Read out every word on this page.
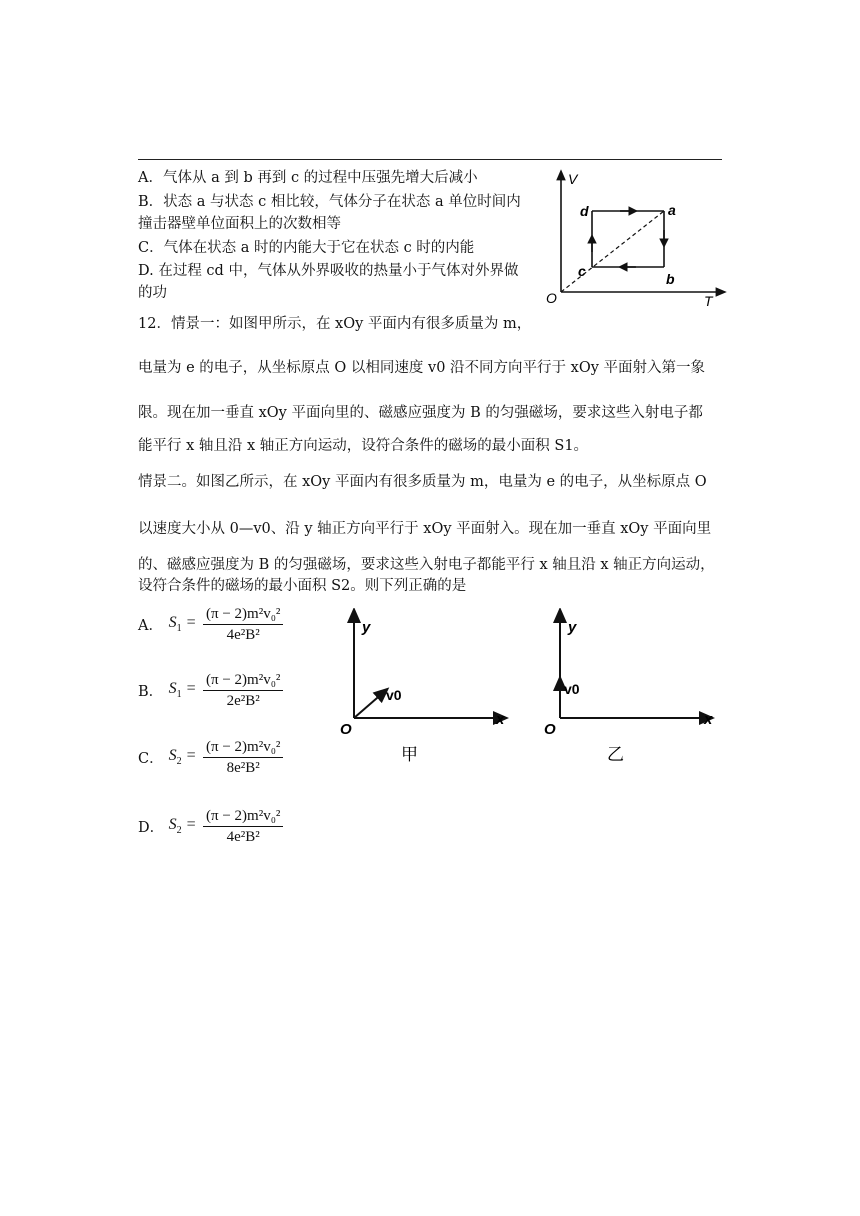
A．气体从 a 到 b 再到 c 的过程中压强先增大后减小
B．状态 a 与状态 c 相比较，气体分子在状态 a 单位时间内
撞击器壁单位面积上的次数相等
C．气体在状态 a 时的内能大于它在状态 c 时的内能
D. 在过程 cd 中，气体从外界吸收的热量小于气体对外界做
的功
V
T
O
a
b
c
d
12．情景一：如图甲所示，在 xOy 平面内有很多质量为 m，
电量为 e 的电子，从坐标原点 O 以相同速度 v0 沿不同方向平行于 xOy 平面射入第一象
限。现在加一垂直 xOy 平面向里的、磁感应强度为 B 的匀强磁场，要求这些入射电子都
能平行 x 轴且沿 x 轴正方向运动，设符合条件的磁场的最小面积 S1。
情景二。如图乙所示，在 xOy 平面内有很多质量为 m，电量为 e 的电子，从坐标原点 O
以速度大小从 0—v0、沿 y 轴正方向平行于 xOy 平面射入。现在加一垂直 xOy 平面向里
的、磁感应强度为 B 的匀强磁场，要求这些入射电子都能平行 x 轴且沿 x 轴正方向运动，
设符合条件的磁场的最小面积 S2。则下列正确的是
A． $S_1 = \frac{\text{(π − 2)m²v₀²}}{\text{4e²B²}}$
B． $S_1 = \frac{\text{(π − 2)m²v₀²}}{\text{2e²B²}}$
C． $S_2 = \frac{\text{(π − 2)m²v₀²}}{\text{8e²B²}}$
D． $S_2 = \frac{\text{(π − 2)m²v₀²}}{\text{4e²B²}}$
y
x
O
v0
甲
y
x
O
v0
乙
